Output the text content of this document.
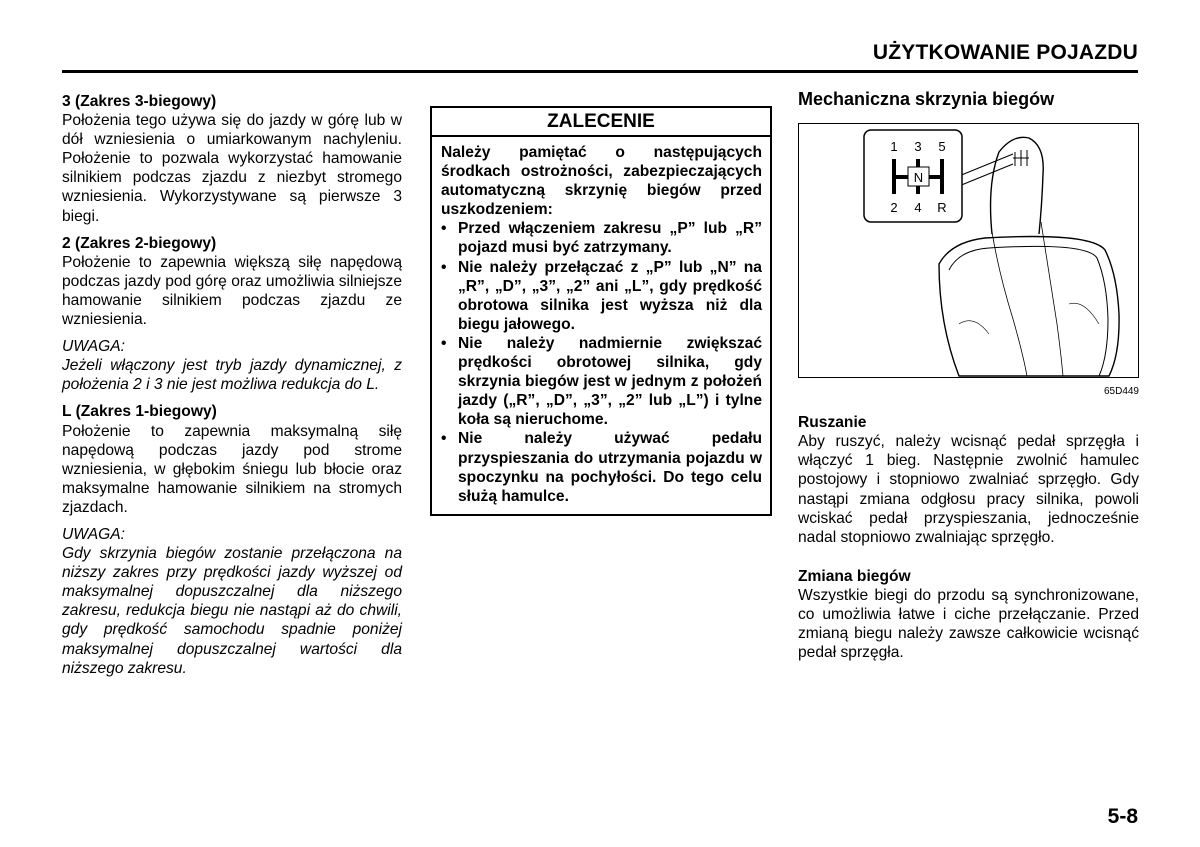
UŻYTKOWANIE POJAZDU
3 (Zakres 3-biegowy)

Położenia tego używa się do jazdy w górę lub w dół wzniesienia o umiarkowanym nachyleniu. Położenie to pozwala wykorzystać hamowanie silnikiem podczas zjazdu z niezbyt stromego wzniesienia. Wykorzystywane są pierwsze 3 biegi.

2 (Zakres 2-biegowy)

Położenie to zapewnia większą siłę napędową podczas jazdy pod górę oraz umożliwia silniejsze hamowanie silnikiem podczas zjazdu ze wzniesienia.

UWAGA:

Jeżeli włączony jest tryb jazdy dynamicznej, z położenia 2 i 3 nie jest możliwa redukcja do L.

L (Zakres 1-biegowy)

Położenie to zapewnia maksymalną siłę napędową podczas jazdy pod strome wzniesienia, w głębokim śniegu lub błocie oraz maksymalne hamowanie silnikiem na stromych zjazdach.

UWAGA:

Gdy skrzynia biegów zostanie przełączona na niższy zakres przy prędkości jazdy wyższej od maksymalnej dopuszczalnej dla niższego zakresu, redukcja biegu nie nastąpi aż do chwili, gdy prędkość samochodu spadnie poniżej maksymalnej dopuszczalnej wartości dla niższego zakresu.

ZALECENIE

Należy pamiętać o następujących środkach ostrożności, zabezpieczających automatyczną skrzynię biegów przed uszkodzeniem:

• Przed włączeniem zakresu „P” lub „R” pojazd musi być zatrzymany.
• Nie należy przełączać z „P” lub „N” na „R”, „D”, „3”, „2” ani „L”, gdy prędkość obrotowa silnika jest wyższa niż dla biegu jałowego.
• Nie należy nadmiernie zwiększać prędkości obrotowej silnika, gdy skrzynia biegów jest w jednym z położeń jazdy („R”, „D”, „3”, „2” lub „L”) i tylne koła są nieruchome.
• Nie należy używać pedału przyspieszania do utrzymania pojazdu w spoczynku na pochyłości. Do tego celu służą hamulce.
Mechaniczna skrzynia biegów
N
1 3 5
2 4 R
65D449
Ruszanie

Aby ruszyć, należy wcisnąć pedał sprzęgła i włączyć 1 bieg. Następnie zwolnić hamulec postojowy i stopniowo zwalniać sprzęgło. Gdy nastąpi zmiana odgłosu pracy silnika, powoli wciskać pedał przyspieszania, jednocześnie nadal stopniowo zwalniając sprzęgło.

Zmiana biegów

Wszystkie biegi do przodu są synchronizowane, co umożliwia łatwe i ciche przełączanie. Przed zmianą biegu należy zawsze całkowicie wcisnąć pedał sprzęgła.

5-8
